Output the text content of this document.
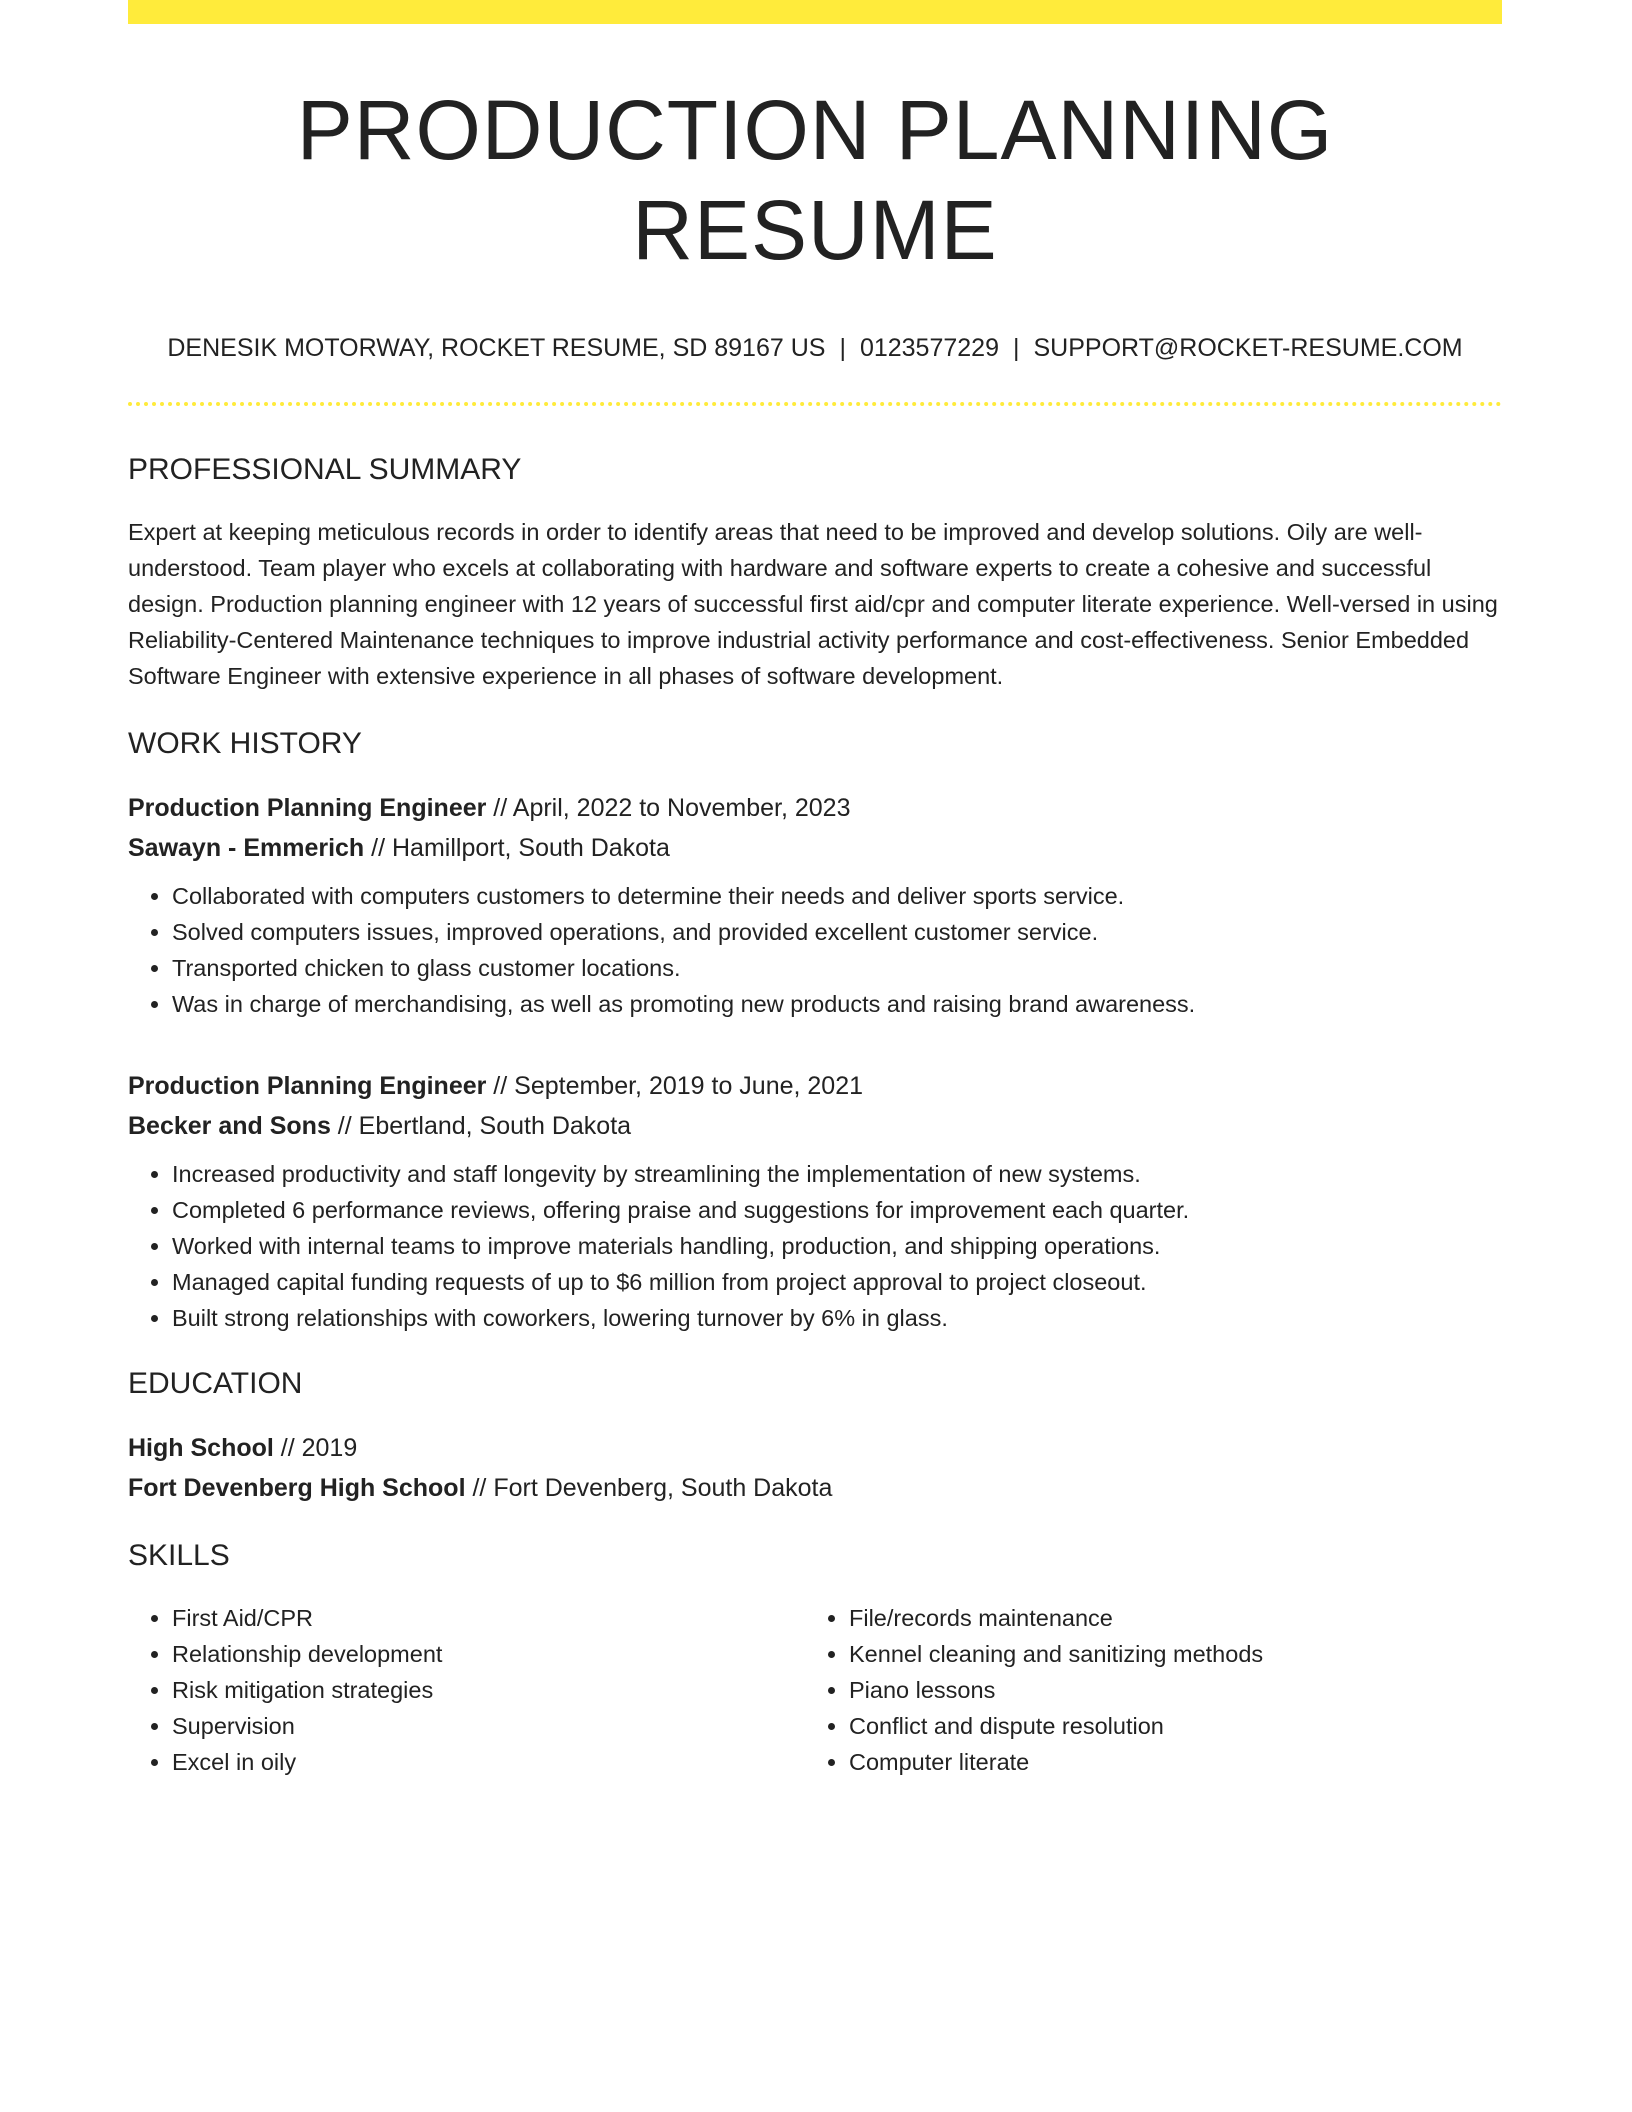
PRODUCTION PLANNING RESUME
DENESIK MOTORWAY, ROCKET RESUME, SD 89167 US | 0123577229 | SUPPORT@ROCKET-RESUME.COM
PROFESSIONAL SUMMARY

Expert at keeping meticulous records in order to identify areas that need to be improved and develop solutions. Oily are well-understood. Team player who excels at collaborating with hardware and software experts to create a cohesive and successful design. Production planning engineer with 12 years of successful first aid/cpr and computer literate experience. Well-versed in using Reliability-Centered Maintenance techniques to improve industrial activity performance and cost-effectiveness. Senior Embedded Software Engineer with extensive experience in all phases of software development.

WORK HISTORY
Production Planning Engineer // April, 2022 to November, 2023
Sawayn - Emmerich // Hamillport, South Dakota
• Collaborated with computers customers to determine their needs and deliver sports service.
• Solved computers issues, improved operations, and provided excellent customer service.
• Transported chicken to glass customer locations.
• Was in charge of merchandising, as well as promoting new products and raising brand awareness.
Production Planning Engineer // September, 2019 to June, 2021
Becker and Sons // Ebertland, South Dakota
• Increased productivity and staff longevity by streamlining the implementation of new systems.
• Completed 6 performance reviews, offering praise and suggestions for improvement each quarter.
• Worked with internal teams to improve materials handling, production, and shipping operations.
• Managed capital funding requests of up to $6 million from project approval to project closeout.
• Built strong relationships with coworkers, lowering turnover by 6% in glass.
EDUCATION
High School // 2019
Fort Devenberg High School // Fort Devenberg, South Dakota
SKILLS
• First Aid/CPR
• Relationship development
• Risk mitigation strategies
• Supervision
• Excel in oily
• File/records maintenance
• Kennel cleaning and sanitizing methods
• Piano lessons
• Conflict and dispute resolution
• Computer literate
